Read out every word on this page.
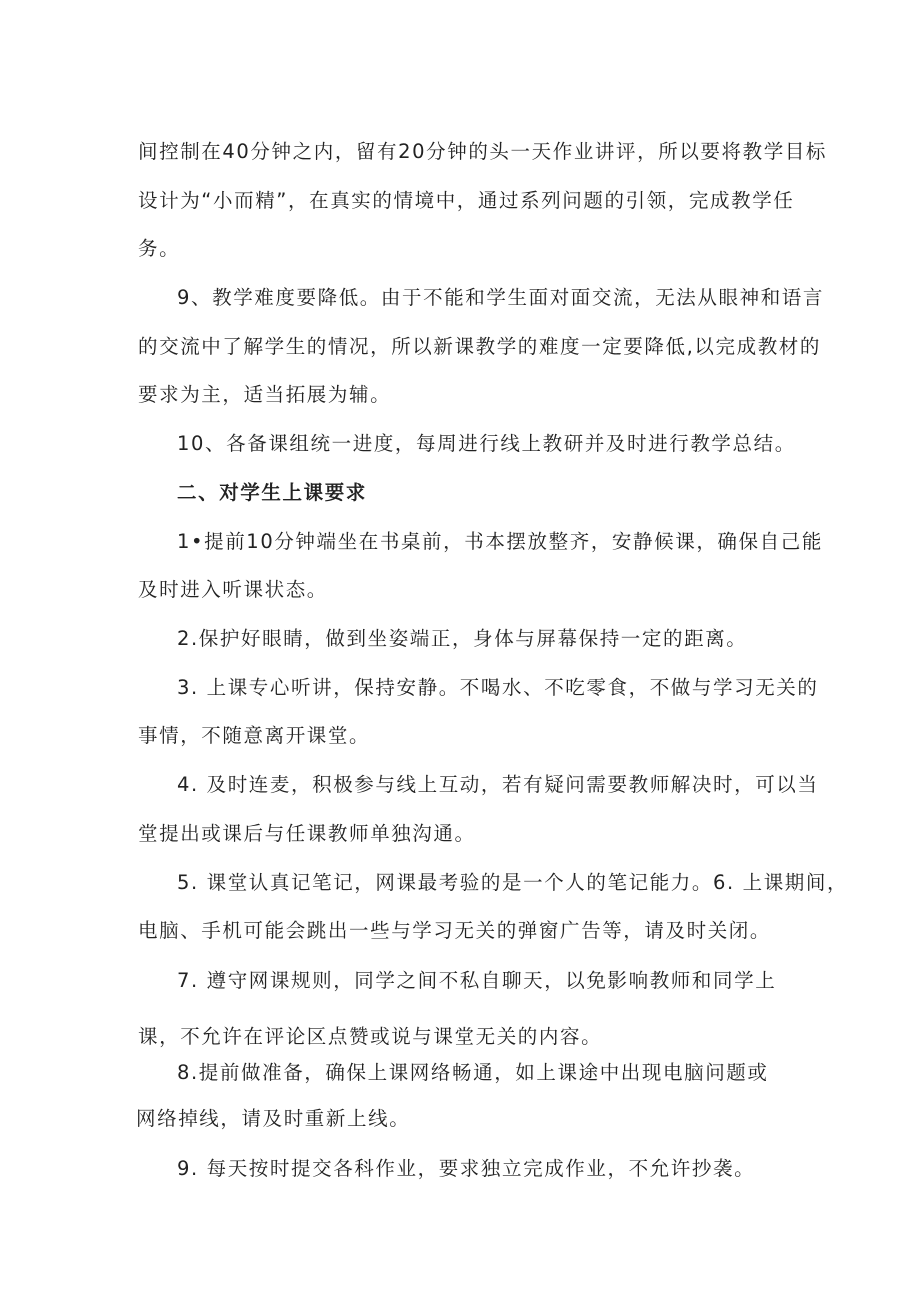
间控制在40分钟之内，留有20分钟的头一天作业讲评，所以要将教学目标

设计为“小而精”，在真实的情境中，通过系列问题的引领，完成教学任

务。

9、教学难度要降低。由于不能和学生面对面交流，无法从眼神和语言

的交流中了解学生的情况，所以新课教学的难度一定要降低,以完成教材的

要求为主，适当拓展为辅。

10、各备课组统一进度，每周进行线上教研并及时进行教学总结。

二、对学生上课要求

1•提前10分钟端坐在书桌前，书本摆放整齐，安静候课，确保自己能

及时进入听课状态。

2.保护好眼睛，做到坐姿端正，身体与屏幕保持一定的距离。

3. 上课专心听讲，保持安静。不喝水、不吃零食，不做与学习无关的

事情，不随意离开课堂。

4. 及时连麦，积极参与线上互动，若有疑问需要教师解决时，可以当

堂提出或课后与任课教师单独沟通。

5. 课堂认真记笔记，网课最考验的是一个人的笔记能力。6. 上课期间，

电脑、手机可能会跳出一些与学习无关的弹窗广告等，请及时关闭。

7. 遵守网课规则，同学之间不私自聊天，以免影响教师和同学上

课，不允许在评论区点赞或说与课堂无关的内容。

8.提前做准备，确保上课网络畅通，如上课途中出现电脑问题或

网络掉线，请及时重新上线。

9. 每天按时提交各科作业，要求独立完成作业，不允许抄袭。
